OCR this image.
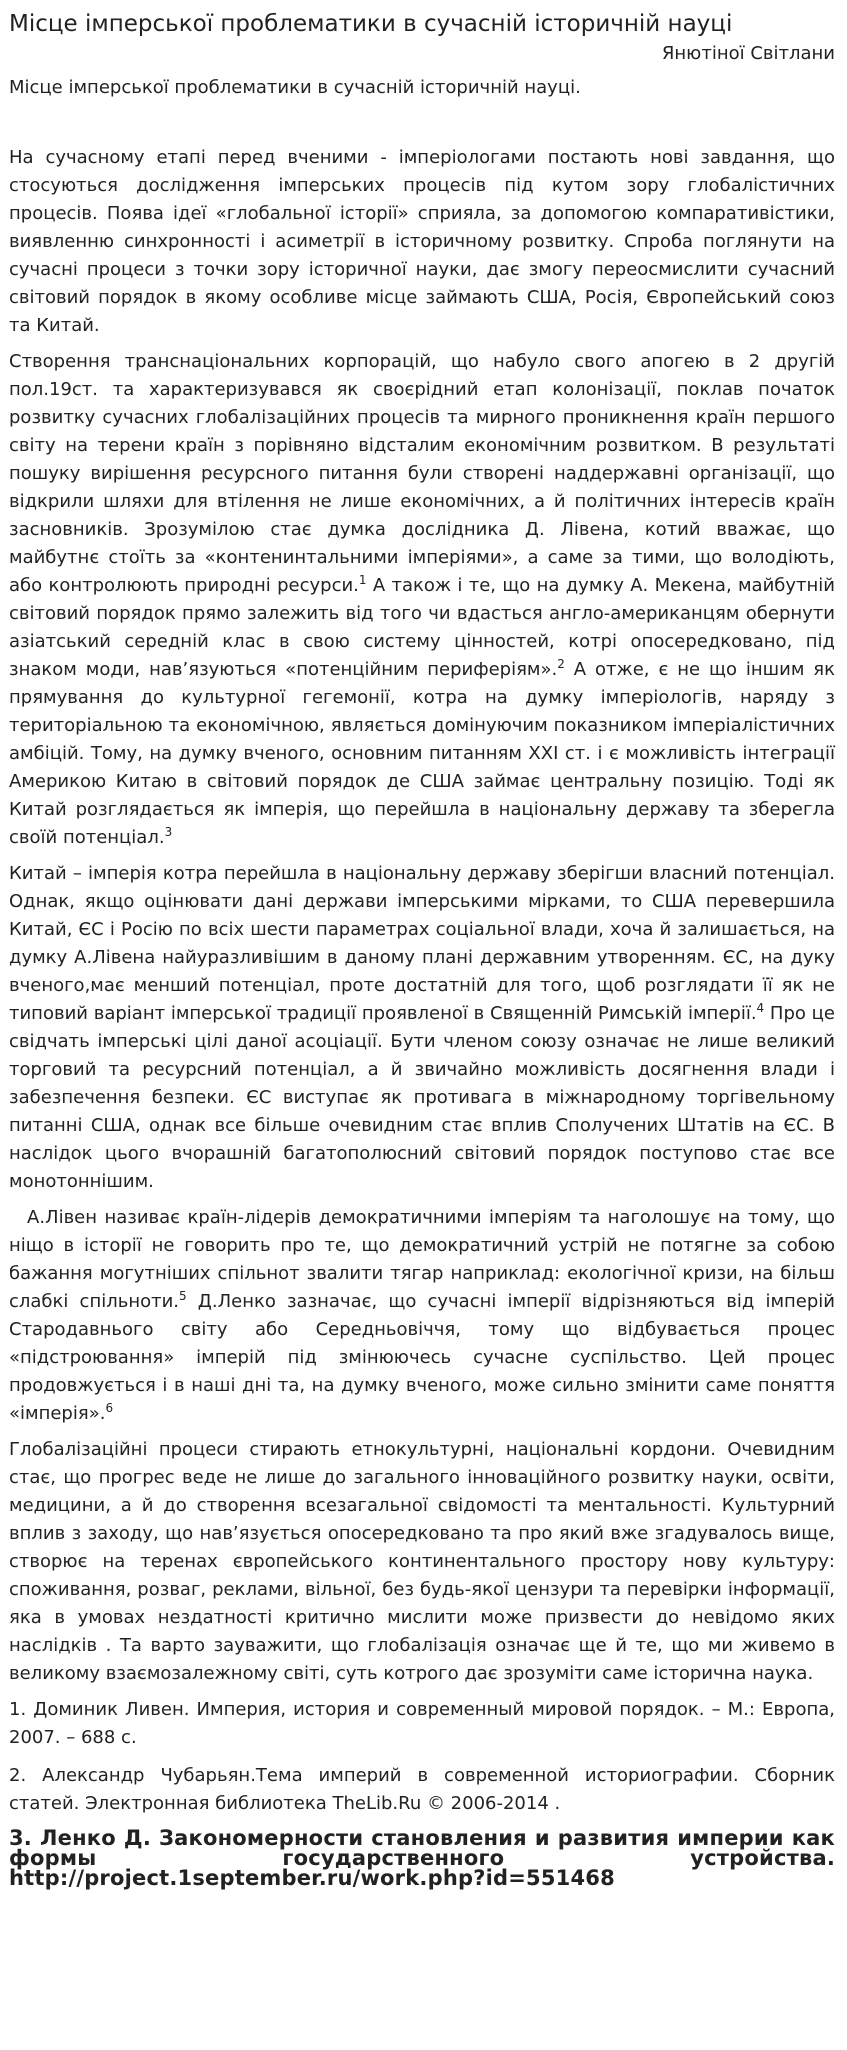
Місце імперської проблематики в сучасній історичній науці
Янютіної Світлани
Місце імперської проблематики в сучасній історичній науці.

На сучасному етапі перед вченими - імперіологами постають нові завдання, що стосуються дослідження імперських процесів під кутом зору глобалістичних процесів. Поява ідеї «глобальної історії» сприяла, за допомогою компаративістики, виявленню синхронності і асиметрії в історичному розвитку. Спроба поглянути на сучасні процеси з точки зору історичної науки, дає змогу переосмислити сучасний світовий порядок в якому особливе місце займають США, Росія, Європейський союз та Китай.

Створення транснаціональних корпорацій, що набуло свого апогею в 2 другій пол.19ст. та характеризувався як своєрідний етап колонізації, поклав початок розвитку сучасних глобалізаційних процесів та мирного проникнення країн першого світу на терени країн з порівняно відсталим економічним розвитком. В результаті пошуку вирішення ресурсного питання були створені наддержавні організації, що відкрили шляхи для втілення не лише економічних, а й політичних інтересів країн засновників. Зрозумілою стає думка дослідника Д. Лівена, котий вважає, що майбутнє стоїть за «контенинтальними імперіями», а саме за тими, що володіють, або контролюють природні ресурси.$^1$ А також і те, що на думку А. Мекена, майбутній світовий порядок прямо залежить від того чи вдасться англо-американцям обернути азіатський середній клас в свою систему цінностей, котрі опосередковано, під знаком моди, нав’язуються «потенційним периферіям».$^2$ А отже, є не що іншим як прямування до культурної гегемонії, котра на думку імперіологів, наряду з територіальною та економічною, являється домінуючим показником імперіалістичних амбіцій. Тому, на думку вченого, основним питанням XXI ст. і є можливість інтеграції Америкою Китаю в світовий порядок де США займає центральну позицію. Тоді як Китай розглядається як імперія, що перейшла в національну державу та зберегла своїй потенціал.$^3$

Китай – імперія котра перейшла в національну державу зберігши власний потенціал. Однак, якщо оцінювати дані держави імперськими мірками, то США перевершила Китай, ЄС і Росію по всіх шести параметрах соціальної влади, хоча й залишається, на думку А.Лівена найуразливішим в даному плані державним утворенням. ЄС, на дуку вченого,має менший потенціал, проте достатній для того, щоб розглядати її як не типовий варіант імперської традиції проявленої в Священній Римській імперії.$^4$ Про це свідчать імперські цілі даної асоціації. Бути членом союзу означає не лише великий торговий та ресурсний потенціал, а й звичайно можливість досягнення влади і забезпечення безпеки. ЄС виступає як противага в міжнародному торгівельному питанні США, однак все більше очевидним стає вплив Сполучених Штатів на ЄС. В наслідок цього вчорашній багатополюсний світовий порядок поступово стає все монотоннішим.

А.Лівен називає країн-лідерів демократичними імперіям та наголошує на тому, що ніщо в історії не говорить про те, що демократичний устрій не потягне за собою бажання могутніших спільнот звалити тягар наприклад: екологічної кризи, на більш слабкі спільноти.$^5$ Д.Ленко зазначає, що сучасні імперії відрізняються від імперій Стародавнього світу або Середньовіччя, тому що відбувається процес «підстроювання» імперій під змінюючесь сучасне суспільство. Цей процес продовжується і в наші дні та, на думку вченого, може сильно змінити саме поняття «імперія».$^6$

Глобалізаційні процеси стирають етнокультурні, національні кордони. Очевидним стає, що прогрес веде не лише до загального інноваційного розвитку науки, освіти, медицини, а й до створення всезагальної свідомості та ментальності. Культурний вплив з заходу, що нав’язується опосередковано та про який вже згадувалось вище, створює на теренах європейського континентального простору нову культуру: споживання, розваг, реклами, вільної, без будь-якої цензури та перевірки інформації, яка в умовах нездатності критично мислити може призвести до невідомо яких наслідків . Та варто зауважити, що глобалізація означає ще й те, що ми живемо в великому взаємозалежному світі, суть котрого дає зрозуміти саме історична наука.

1. Доминик Ливен. Империя, история и современный мировой порядок. – М.: Европа, 2007. – 688 с.

2. Александр Чубарьян.Тема империй в современной историографии. Сборник статей. Электронная библиотека TheLib.Ru © 2006-2014 .

3. Ленко Д. Закономерности становления и развития империи как формы государственного устройства. http://project.1september.ru/work.php?id=551468
